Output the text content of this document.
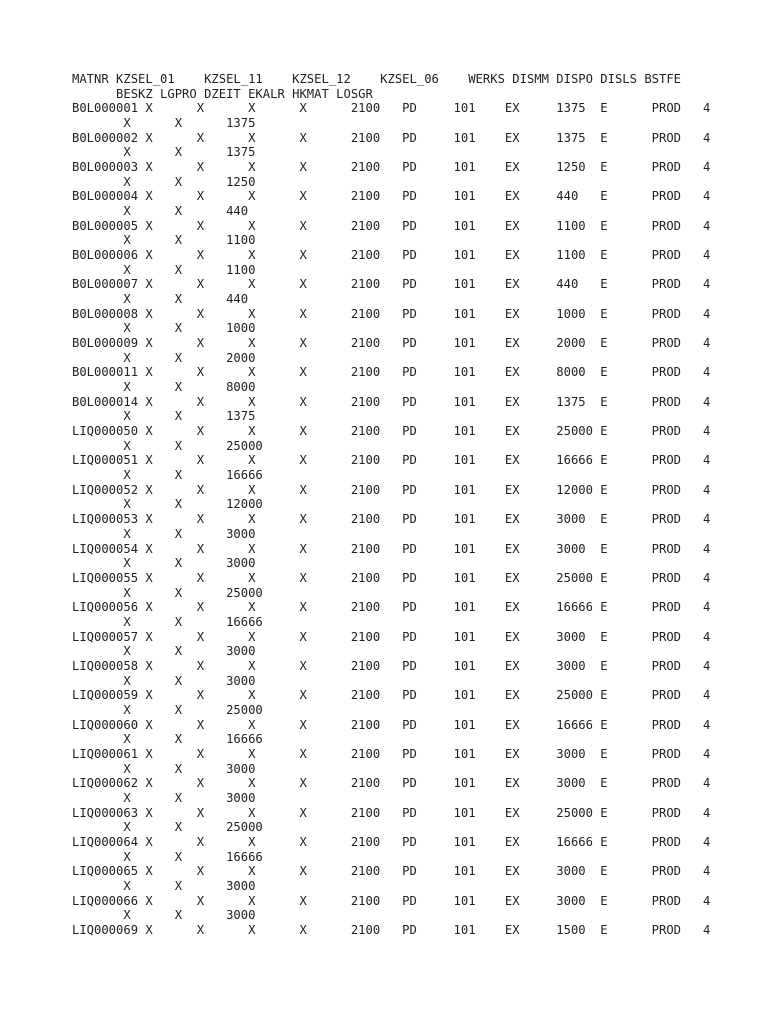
MATNR KZSEL_01    KZSEL_11    KZSEL_12    KZSEL_06    WERKS DISMM DISPO DISLS BSTFE
BESKZ LGPRO DZEIT EKALR HKMAT LOSGR
B0L000001 X      X      X      X      2100   PD     101    EX     1375  E      PROD   4
X      X      1375
B0L000002 X      X      X      X      2100   PD     101    EX     1375  E      PROD   4
X      X      1375
B0L000003 X      X      X      X      2100   PD     101    EX     1250  E      PROD   4
X      X      1250
B0L000004 X      X      X      X      2100   PD     101    EX     440   E      PROD   4
X      X      440
B0L000005 X      X      X      X      2100   PD     101    EX     1100  E      PROD   4
X      X      1100
B0L000006 X      X      X      X      2100   PD     101    EX     1100  E      PROD   4
X      X      1100
B0L000007 X      X      X      X      2100   PD     101    EX     440   E      PROD   4
X      X      440
B0L000008 X      X      X      X      2100   PD     101    EX     1000  E      PROD   4
X      X      1000
B0L000009 X      X      X      X      2100   PD     101    EX     2000  E      PROD   4
X      X      2000
B0L000011 X      X      X      X      2100   PD     101    EX     8000  E      PROD   4
X      X      8000
B0L000014 X      X      X      X      2100   PD     101    EX     1375  E      PROD   4
X      X      1375
LIQ000050 X      X      X      X      2100   PD     101    EX     25000 E      PROD   4
X      X      25000
LIQ000051 X      X      X      X      2100   PD     101    EX     16666 E      PROD   4
X      X      16666
LIQ000052 X      X      X      X      2100   PD     101    EX     12000 E      PROD   4
X      X      12000
LIQ000053 X      X      X      X      2100   PD     101    EX     3000  E      PROD   4
X      X      3000
LIQ000054 X      X      X      X      2100   PD     101    EX     3000  E      PROD   4
X      X      3000
LIQ000055 X      X      X      X      2100   PD     101    EX     25000 E      PROD   4
X      X      25000
LIQ000056 X      X      X      X      2100   PD     101    EX     16666 E      PROD   4
X      X      16666
LIQ000057 X      X      X      X      2100   PD     101    EX     3000  E      PROD   4
X      X      3000
LIQ000058 X      X      X      X      2100   PD     101    EX     3000  E      PROD   4
X      X      3000
LIQ000059 X      X      X      X      2100   PD     101    EX     25000 E      PROD   4
X      X      25000
LIQ000060 X      X      X      X      2100   PD     101    EX     16666 E      PROD   4
X      X      16666
LIQ000061 X      X      X      X      2100   PD     101    EX     3000  E      PROD   4
X      X      3000
LIQ000062 X      X      X      X      2100   PD     101    EX     3000  E      PROD   4
X      X      3000
LIQ000063 X      X      X      X      2100   PD     101    EX     25000 E      PROD   4
X      X      25000
LIQ000064 X      X      X      X      2100   PD     101    EX     16666 E      PROD   4
X      X      16666
LIQ000065 X      X      X      X      2100   PD     101    EX     3000  E      PROD   4
X      X      3000
LIQ000066 X      X      X      X      2100   PD     101    EX     3000  E      PROD   4
X      X      3000
LIQ000069 X      X      X      X      2100   PD     101    EX     1500  E      PROD   4
